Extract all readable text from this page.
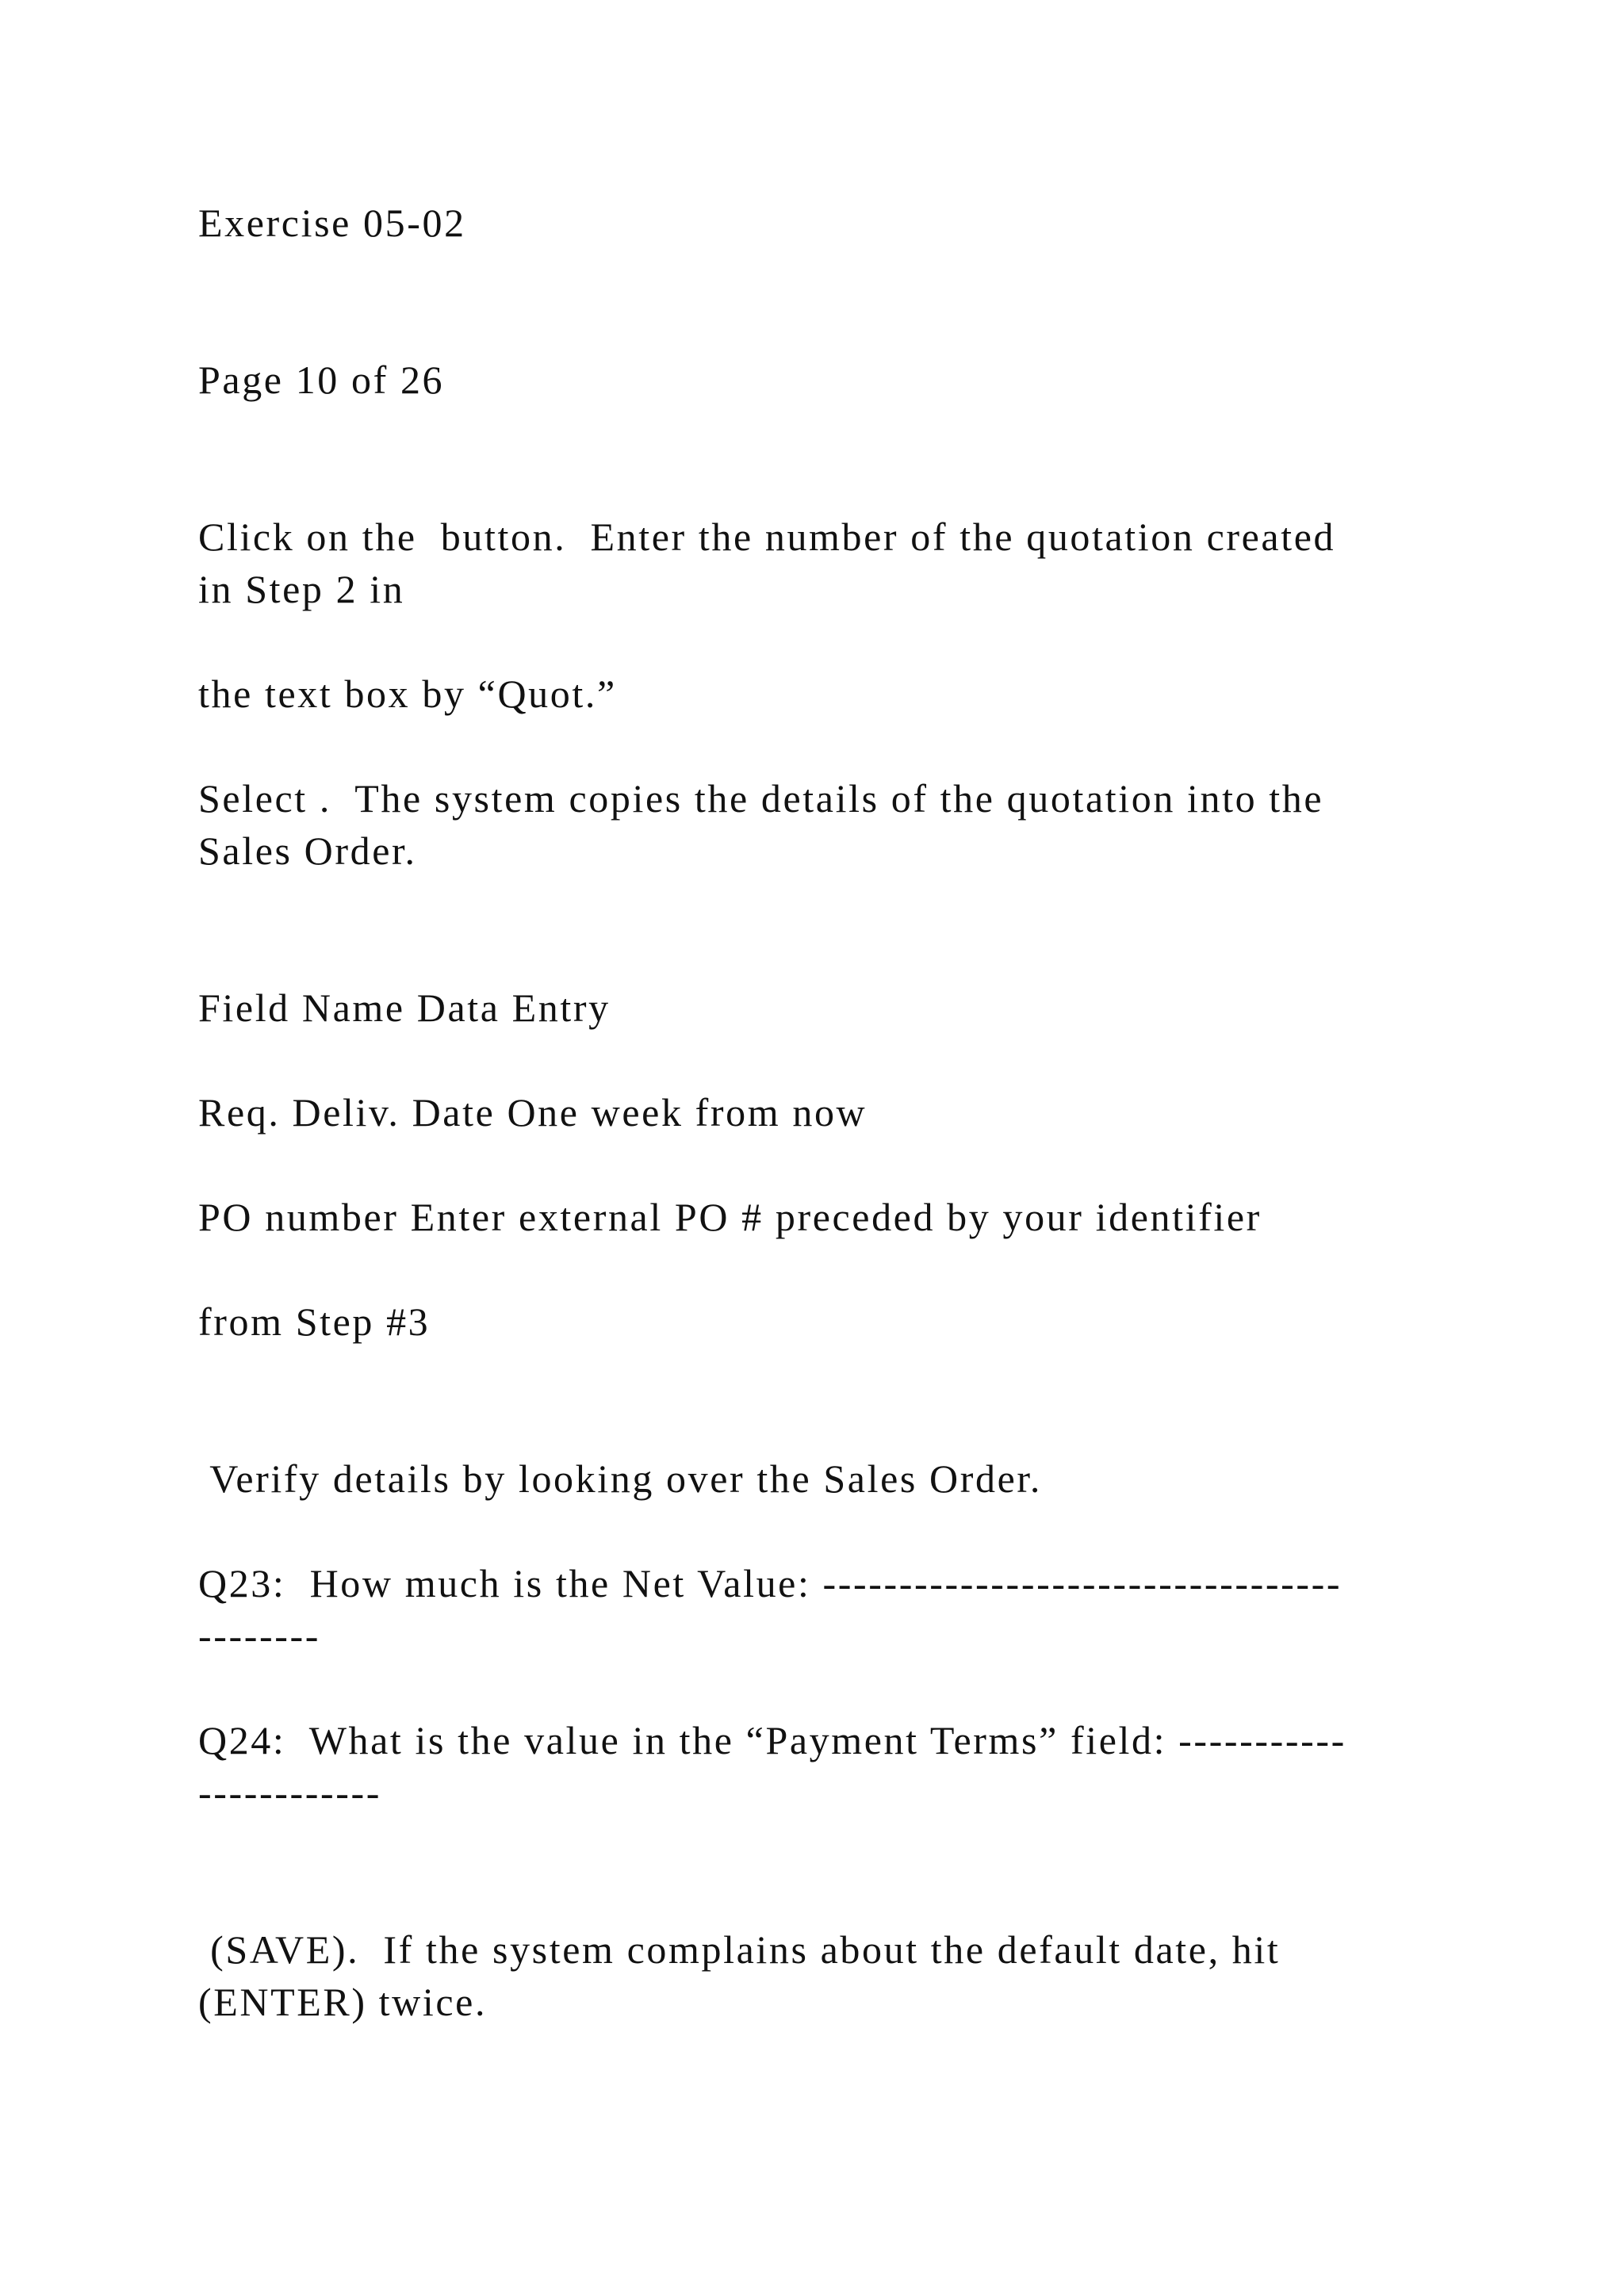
Exercise 05-02

Page 10 of 26

Click on the  button.  Enter the number of the quotation created

in Step 2 in

the text box by “Quot.”

Select .  The system copies the details of the quotation into the

Sales Order.

Field Name Data Entry

Req. Deliv. Date One week from now

PO number Enter external PO # preceded by your identifier

from Step #3

Verify details by looking over the Sales Order.

Q23:  How much is the Net Value: ----------------------------------

--------

Q24:  What is the value in the “Payment Terms” field: -----------

------------

(SAVE).  If the system complains about the default date, hit

(ENTER) twice.
